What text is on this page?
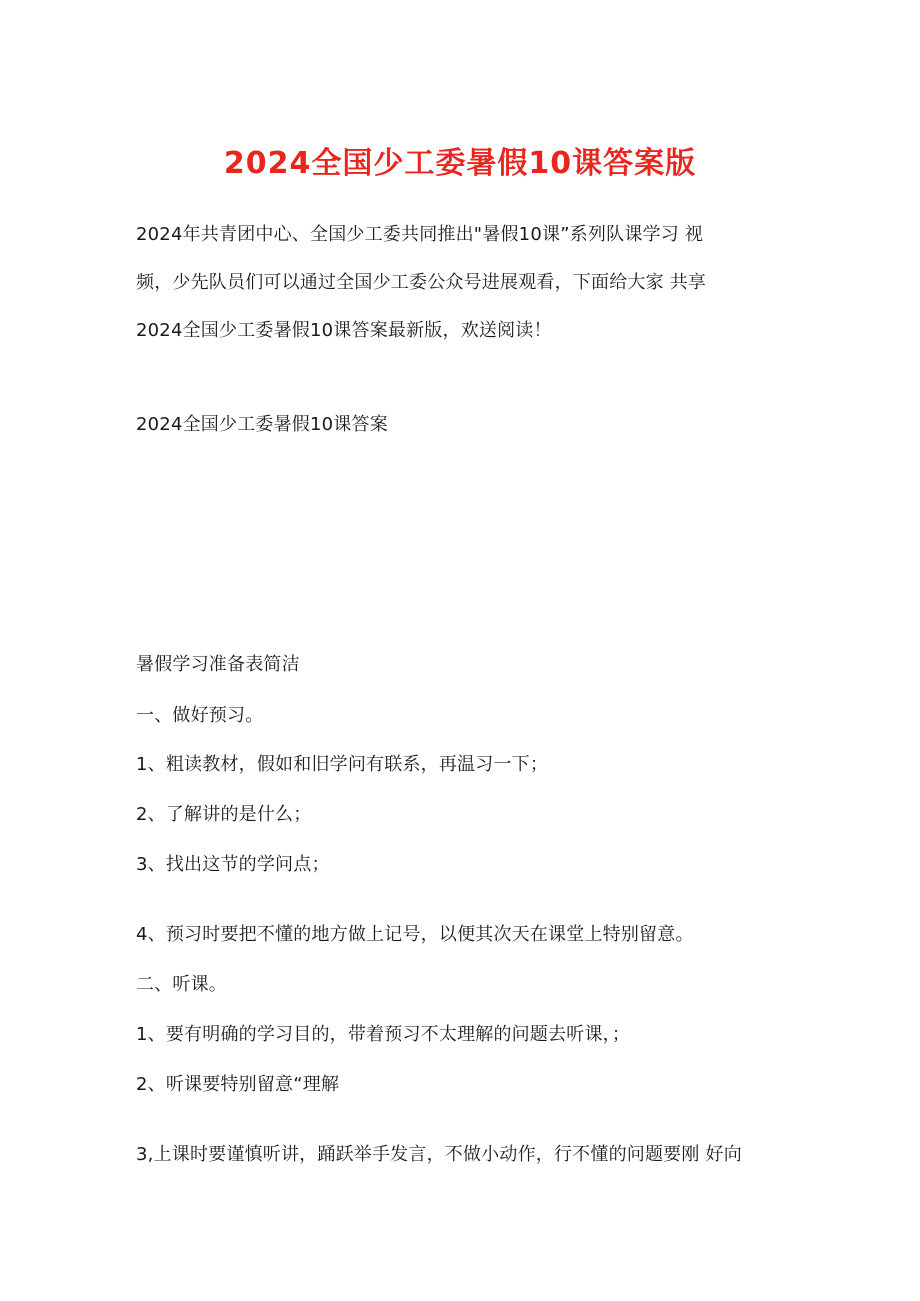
2024全国少工委暑假10课答案版
2024年共青团中心、全国少工委共同推出"暑假10课”系列队课学习 视
频，少先队员们可以通过全国少工委公众号进展观看，下面给大家 共享
2024全国少工委暑假10课答案最新版，欢送阅读！
2024全国少工委暑假10课答案
暑假学习准备表简洁
一、做好预习。
1、粗读教材，假如和旧学问有联系，再温习一下；
2、了解讲的是什么；
3、找出这节的学问点；
4、预习时要把不懂的地方做上记号，以便其次天在课堂上特别留意。
二、听课。
1、要有明确的学习目的，带着预习不太理解的问题去听课，；
2、听课要特别留意“理解
3,上课时要谨慎听讲，踊跃举手发言，不做小动作，行不懂的问题要刚 好向
